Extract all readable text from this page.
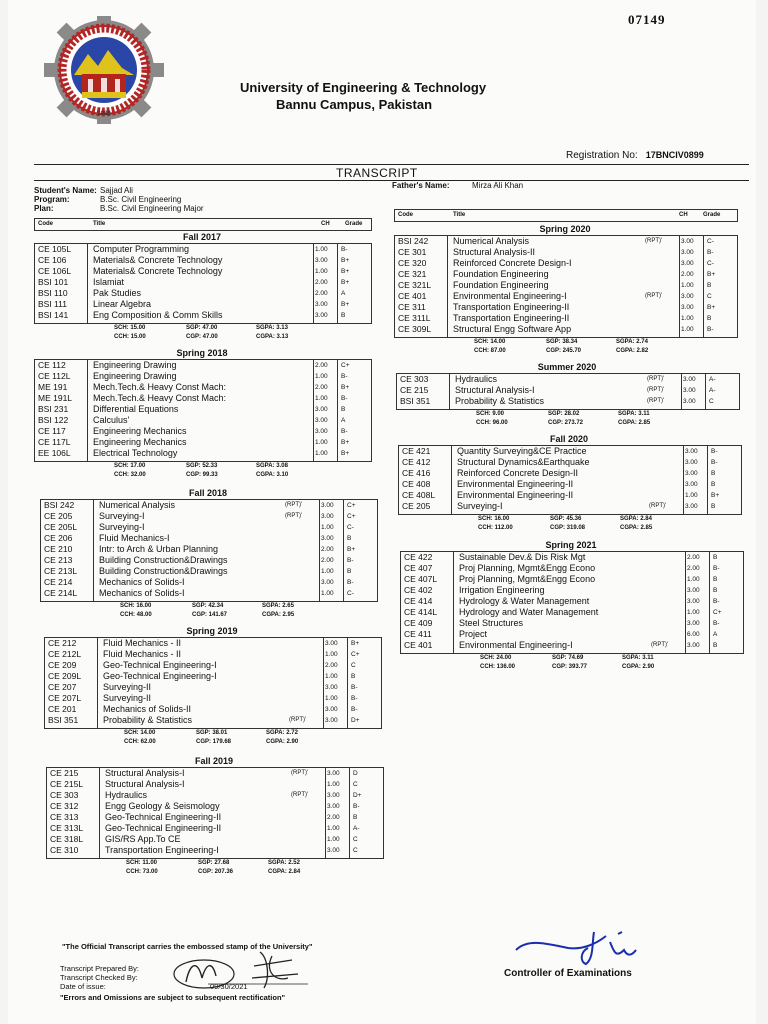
07149
1980
University of Engineering & Technology
Bannu Campus, Pakistan
Registration No: 17BNCIV0899
TRANSCRIPT
Student's Name: Sajjad Ali
Program:	B.Sc. Civil Engineering
Plan:	B.Sc. Civil Engineering Major
Father's Name:	Mirza Ali Khan
Code	Title	CH	Grade
Code	Title	CH	Grade
Fall 2017
CE 105L Computer Programming	1.00 B-
CE 106	Materials& Concrete Technology	3.00 B+
CE 106L Materials& Concrete Technology	1.00 B+
BSI 101	Islamiat	2.00 B+
BSI 110	Pak Studies	2.00 A
BSI 111	Linear Algebra	3.00 B+
BSI 141	Eng Composition & Comm Skills	3.00 B
SCH: 15.00	SGP: 47.00	SGPA: 3.13
CCH: 15.00	CGP: 47.00	CGPA: 3.13
Spring 2018
CE 112	Engineering Drawing	2.00 C+
CE 112L	Engineering Drawing	1.00 B-
ME 191	Mech.Tech.& Heavy Const Mach:	2.00 B+
ME 191L Mech.Tech.& Heavy Const Mach:	1.00 B-
BSI 231	Differential Equations	3.00 B
BSI 122	Calculus'	3.00 A
CE 117	Engineering Mechanics	3.00 B-
CE 117L	Engineering Mechanics	1.00 B+
EE 106L Electrical Technology	1.00 B+
SCH: 17.00	SGP: 52.33	SGPA: 3.08
CCH: 32.00	CGP: 99.33	CGPA: 3.10
Fall 2018
BSI 242	Numerical Analysis	(RPT)'	3.00 C+
CE 205	Surveying-I	(RPT)'	3.00 C+
CE 205L Surveying-I	1.00 C-
CE 206	Fluid Mechanics-I	3.00 B
CE 210	Intr: to Arch & Urban Planning	2.00 B+
CE 213	Building Construction&Drawings	2.00 B-
CE 213L Building Construction&Drawings	1.00 B
CE 214	Mechanics of Solids-I	3.00 B-
CE 214L Mechanics of Solids-I	1.00 C-
SCH: 16.00	SGP: 42.34	SGPA: 2.65
CCH: 48.00	CGP: 141.67	CGPA: 2.95
Spring 2019
CE 212	Fluid Mechanics - II	3.00 B+
CE 212L Fluid Mechanics - II	1.00 C+
CE 209	Geo-Technical Engineering-I	2.00 C
CE 209L Geo-Technical Engineering-I	1.00 B
CE 207	Surveying-II	3.00 B-
CE 207L Surveying-II	1.00 B-
CE 201	Mechanics of Solids-II	3.00 B-
BSI 351	Probability & Statistics	(RPT)'	3.00 D+
SCH: 14.00	SGP: 38.01	SGPA: 2.72
CCH: 62.00	CGP: 179.68	CGPA: 2.90
Fall 2019
CE 215	Structural Analysis-I	(RPT)'	3.00 D
CE 215L Structural Analysis-I	1.00 C
CE 303	Hydraulics	(RPT)'	3.00 D+
CE 312	Engg Geology & Seismology	3.00 B-
CE 313	Geo-Technical Engineering-II	2.00 B
CE 313L Geo-Technical Engineering-II	1.00 A-
CE 318L GIS/RS App.To CE	1.00 C
CE 310	Transportation Engineering-I	3.00 C
SCH: 11.00	SGP: 27.68	SGPA: 2.52
CCH: 73.00	CGP: 207.36	CGPA: 2.84
Spring 2020
BSI 242	Numerical Analysis	(RPT)'	3.00 C-
CE 301	Structural Analysis-II	3.00 B-
CE 320	Reinforced Concrete Design-I	3.00 C-
CE 321	Foundation Engineering	2.00 B+
CE 321L Foundation Engineering	1.00 B
CE 401	Environmental Engineering-I	(RPT)'	3.00 C
CE 311	Transportation Engineering-II	3.00 B+
CE 311L	Transportation Engineering-II	1.00 B
CE 309L Structural Engg Software App	1.00 B-
SCH: 14.00	SGP: 38.34	SGPA: 2.74
CCH: 87.00	CGP: 245.70	CGPA: 2.82
Summer 2020
CE 303	Hydraulics	(RPT)'	3.00 A-
CE 215	Structural Analysis-I	(RPT)'	3.00 A-
BSI 351	Probability & Statistics	(RPT)'	3.00 C
SCH: 9.00	SGP: 28.02	SGPA: 3.11
CCH: 96.00	CGP: 273.72	CGPA: 2.85
Fall 2020
CE 421	Quantity Surveying&CE Practice	3.00 B-
CE 412	Structural Dynamics&Earthquake	3.00 B-
CE 416	Reinforced Concrete Design-II	3.00 B
CE 408	Environmental Engineering-II	3.00 B
CE 408L Environmental Engineering-II	1.00 B+
CE 205	Surveying-I	(RPT)'	3.00 B
SCH: 16.00	SGP: 45.36	SGPA: 2.84
CCH: 112.00	CGP: 319.08	CGPA: 2.85
Spring 2021
CE 422	Sustainable Dev.& Dis Risk Mgt	2.00 B
CE 407	Proj Planning, Mgmt&Engg Econo	2.00 B-
CE 407L Proj Planning, Mgmt&Engg Econo	1.00 B
CE 402	Irrigation Engineering	3.00 B
CE 414	Hydrology & Water Management	3.00 B-
CE 414L Hydrology and Water Management	1.00 C+
CE 409	Steel Structures	3.00 B-
CE 411	Project	6.00 A
CE 401	Environmental Engineering-I	(RPT)'	3.00 B
SCH: 24.00	SGP: 74.69	SGPA: 3.11
CCH: 136.00	CGP: 393.77	CGPA: 2.90
"The Official Transcript carries the embossed stamp of the University"
Transcript Prepared By:
Transcript Checked By:
Date of issue:	09/30/2021
"Errors and Omissions are subject to subsequent rectification"
Controller of Examinations
